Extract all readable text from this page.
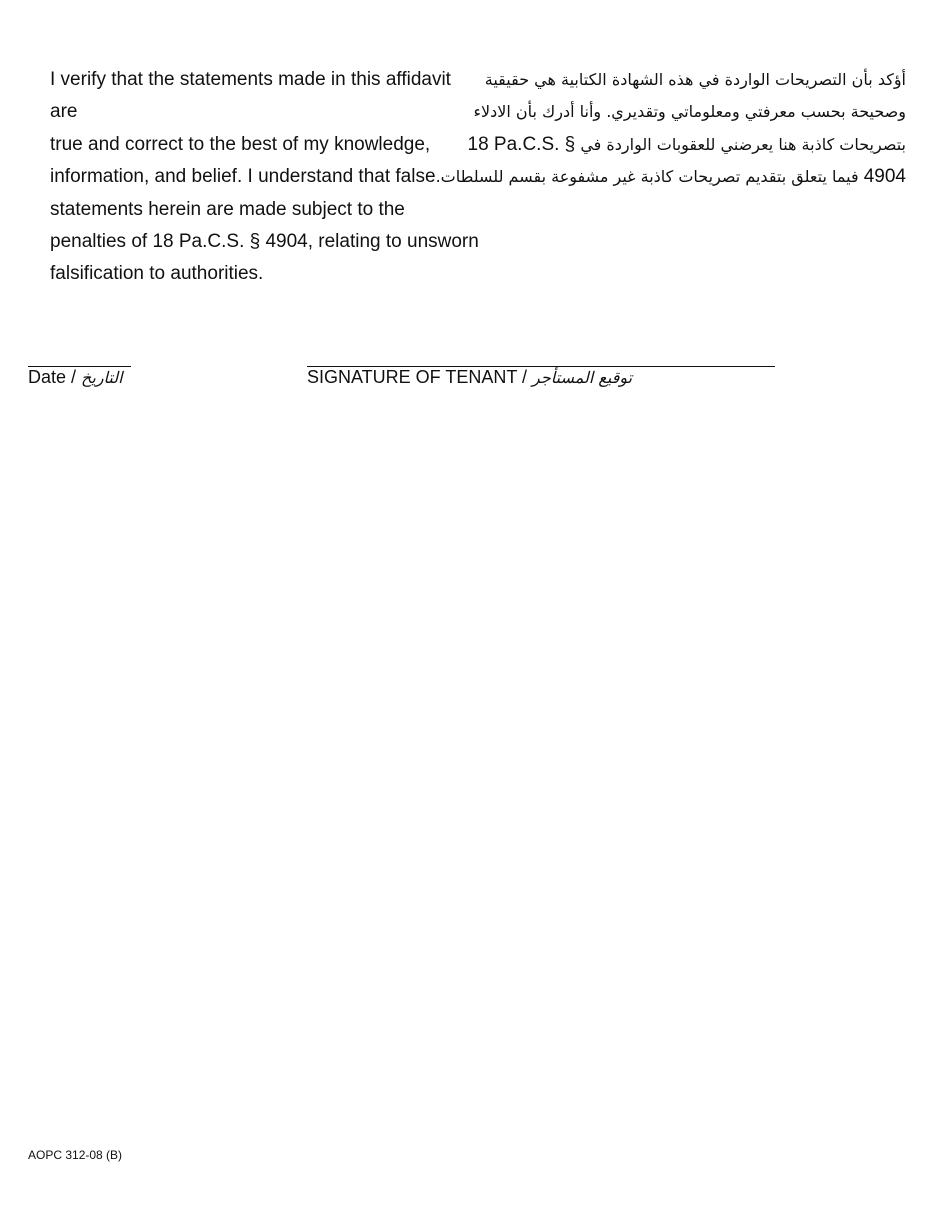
I verify that the statements made in this affidavit are
true and correct to the best of my knowledge,
information, and belief. I understand that false
statements herein are made subject to the
penalties of 18 Pa.C.S. § 4904, relating to unsworn
falsification to authorities.
أؤكد بأن التصريحات الواردة في هذه الشهادة الكتابية هي حقيقية
وصحيحة بحسب معرفتي ومعلوماتي وتقديري. وأنا أدرك بأن الادلاء
بتصريحات كاذبة هنا يعرضني للعقوبات الواردة في 18 Pa.C.S. §
4904 فيما يتعلق بتقديم تصريحات كاذبة غير مشفوعة بقسم للسلطات.
Date / التاريخ	SIGNATURE OF TENANT / توقيع المستأجر
AOPC 312-08 (B)
